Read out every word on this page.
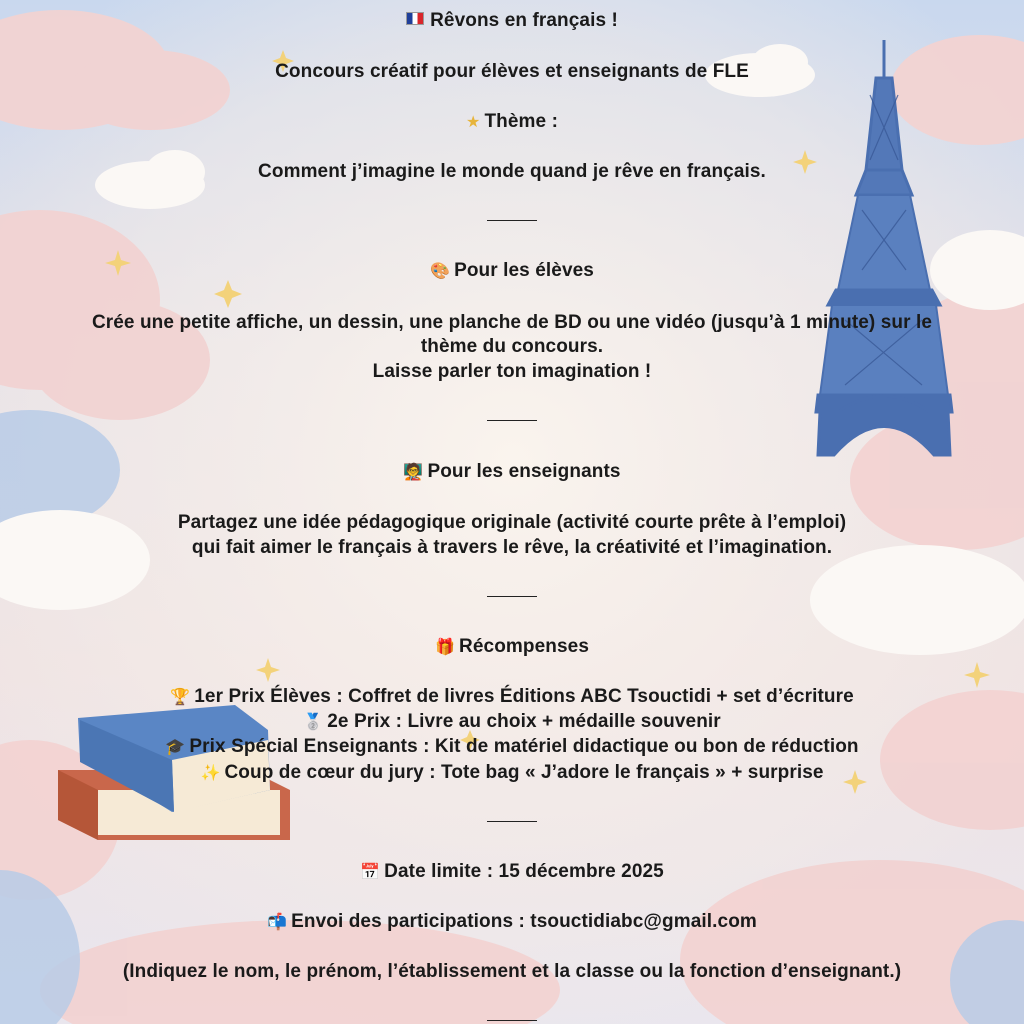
Rêvons en français !
Concours créatif pour élèves et enseignants de FLE
★ Thème :
Comment j’imagine le monde quand je rêve en français.
🎨 Pour les élèves
Crée une petite affiche, un dessin, une planche de BD ou une vidéo (jusqu’à 1 minute) sur le
thème du concours.
Laisse parler ton imagination !
🧑‍🏫 Pour les enseignants
Partagez une idée pédagogique originale (activité courte prête à l’emploi)
qui fait aimer le français à travers le rêve, la créativité et l’imagination.
🎁 Récompenses
🏆 1er Prix Élèves : Coffret de livres Éditions ABC Tsouctidi + set d’écriture
🥈 2e Prix : Livre au choix + médaille souvenir
🎓 Prix Spécial Enseignants : Kit de matériel didactique ou bon de réduction
✨ Coup de cœur du jury : Tote bag « J’adore le français » + surprise
📅 Date limite : 15 décembre 2025
📬 Envoi des participations : tsouctidiabc@gmail.com
(Indiquez le nom, le prénom, l’établissement et la classe ou la fonction d’enseignant.)
